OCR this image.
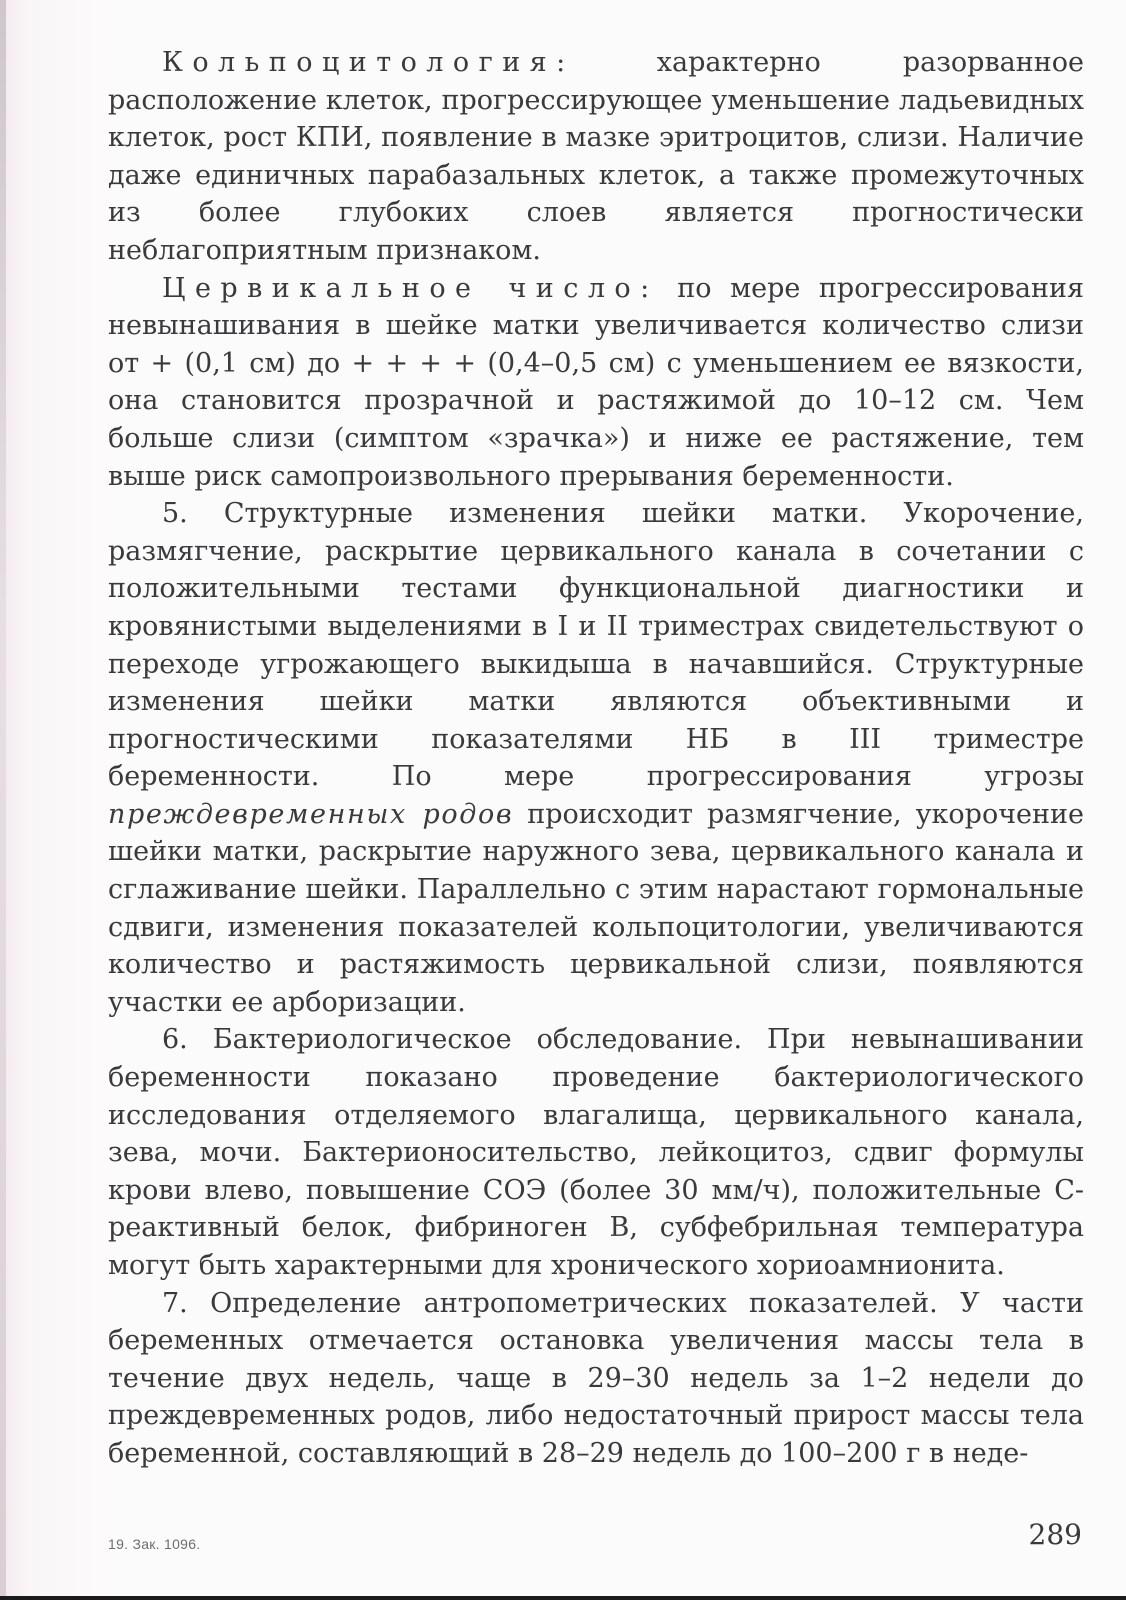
Кольпоцитология: характерно разорванное расположение клеток, прогрессирующее уменьшение ладьевидных клеток, рост КПИ, появление в мазке эритроцитов, слизи. Наличие даже единичных парабазальных клеток, а также промежуточных из более глубоких слоев является прогностически неблагоприятным признаком.

Цервикальное число: по мере прогрессирования невынашивания в шейке матки увеличивается количество слизи от + (0,1 см) до + + + + (0,4–0,5 см) с уменьшением ее вязкости, она становится прозрачной и растяжимой до 10–12 см. Чем больше слизи (симптом «зрачка») и ниже ее растяжение, тем выше риск самопроизвольного прерывания беременности.

5. Структурные изменения шейки матки. Укорочение, размягчение, раскрытие цервикального канала в сочетании с положительными тестами функциональной диагностики и кровянистыми выделениями в I и II триместрах свидетельствуют о переходе угрожающего выкидыша в начавшийся. Структурные изменения шейки матки являются объективными и прогностическими показателями НБ в III триместре беременности. По мере прогрессирования угрозы преждевременных родов происходит размягчение, укорочение шейки матки, раскрытие наружного зева, цервикального канала и сглаживание шейки. Параллельно с этим нарастают гормональные сдвиги, изменения показателей кольпоцитологии, увеличиваются количество и растяжимость цервикальной слизи, появляются участки ее арборизации.

6. Бактериологическое обследование. При невынашивании беременности показано проведение бактериологического исследования отделяемого влагалища, цервикального канала, зева, мочи. Бактерионосительство, лейкоцитоз, сдвиг формулы крови влево, повышение СОЭ (более 30 мм/ч), положительные С-реактивный белок, фибриноген В, субфебрильная температура могут быть характерными для хронического хориоамнионита.

7. Определение антропометрических показателей. У части беременных отмечается остановка увеличения массы тела в течение двух недель, чаще в 29–30 недель за 1–2 недели до преждевременных родов, либо недостаточный прирост массы тела беременной, составляющий в 28–29 недель до 100–200 г в неде-

19. Зак. 1096.	289
